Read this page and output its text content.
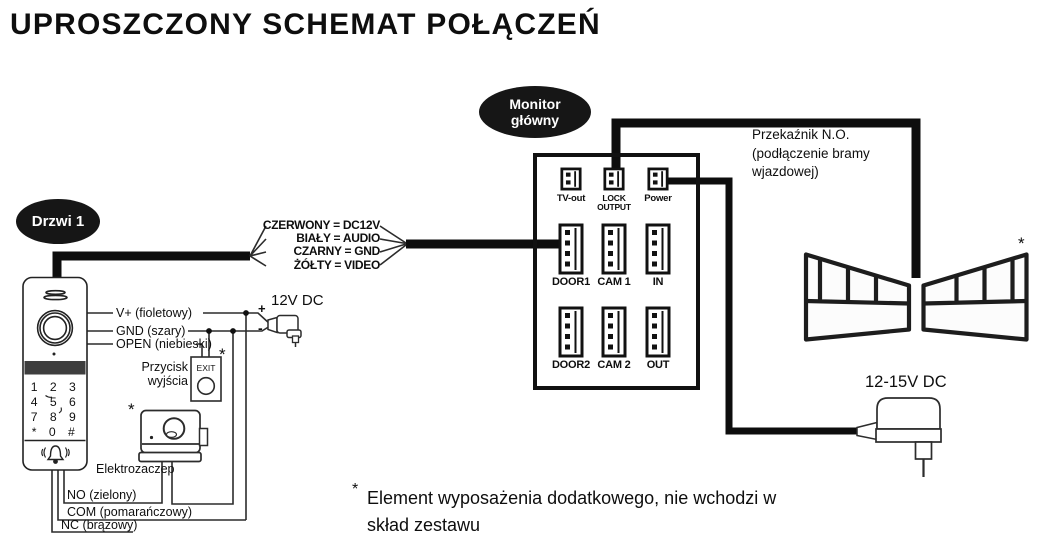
1 2 3
4 5 6
7 8 9
* 0 #
EXIT
UPROSZCZONY SCHEMAT POŁĄCZEŃ
Drzwi 1
Monitor główny
CZERWONY = DC12V
BIAŁY = AUDIO
CZARNY = GND
ŻÓŁTY = VIDEO
TV-out	LOCK OUTPUT
Power
DOOR1 CAM 1 IN
DOOR2 CAM 2 OUT
V+ (fioletowy)
GND (szary)
OPEN (niebieski)
Przycisk
wyjścia
Elektrozaczep
NO (zielony)
COM (pomarańczowy)
NC (brązowy)
12V DC
+
-
Przekaźnik N.O.
(podłączenie bramy
wjazdowej)
12-15V DC
*
*
*
* Element wyposażenia dodatkowego, nie wchodzi w
skład zestawu
